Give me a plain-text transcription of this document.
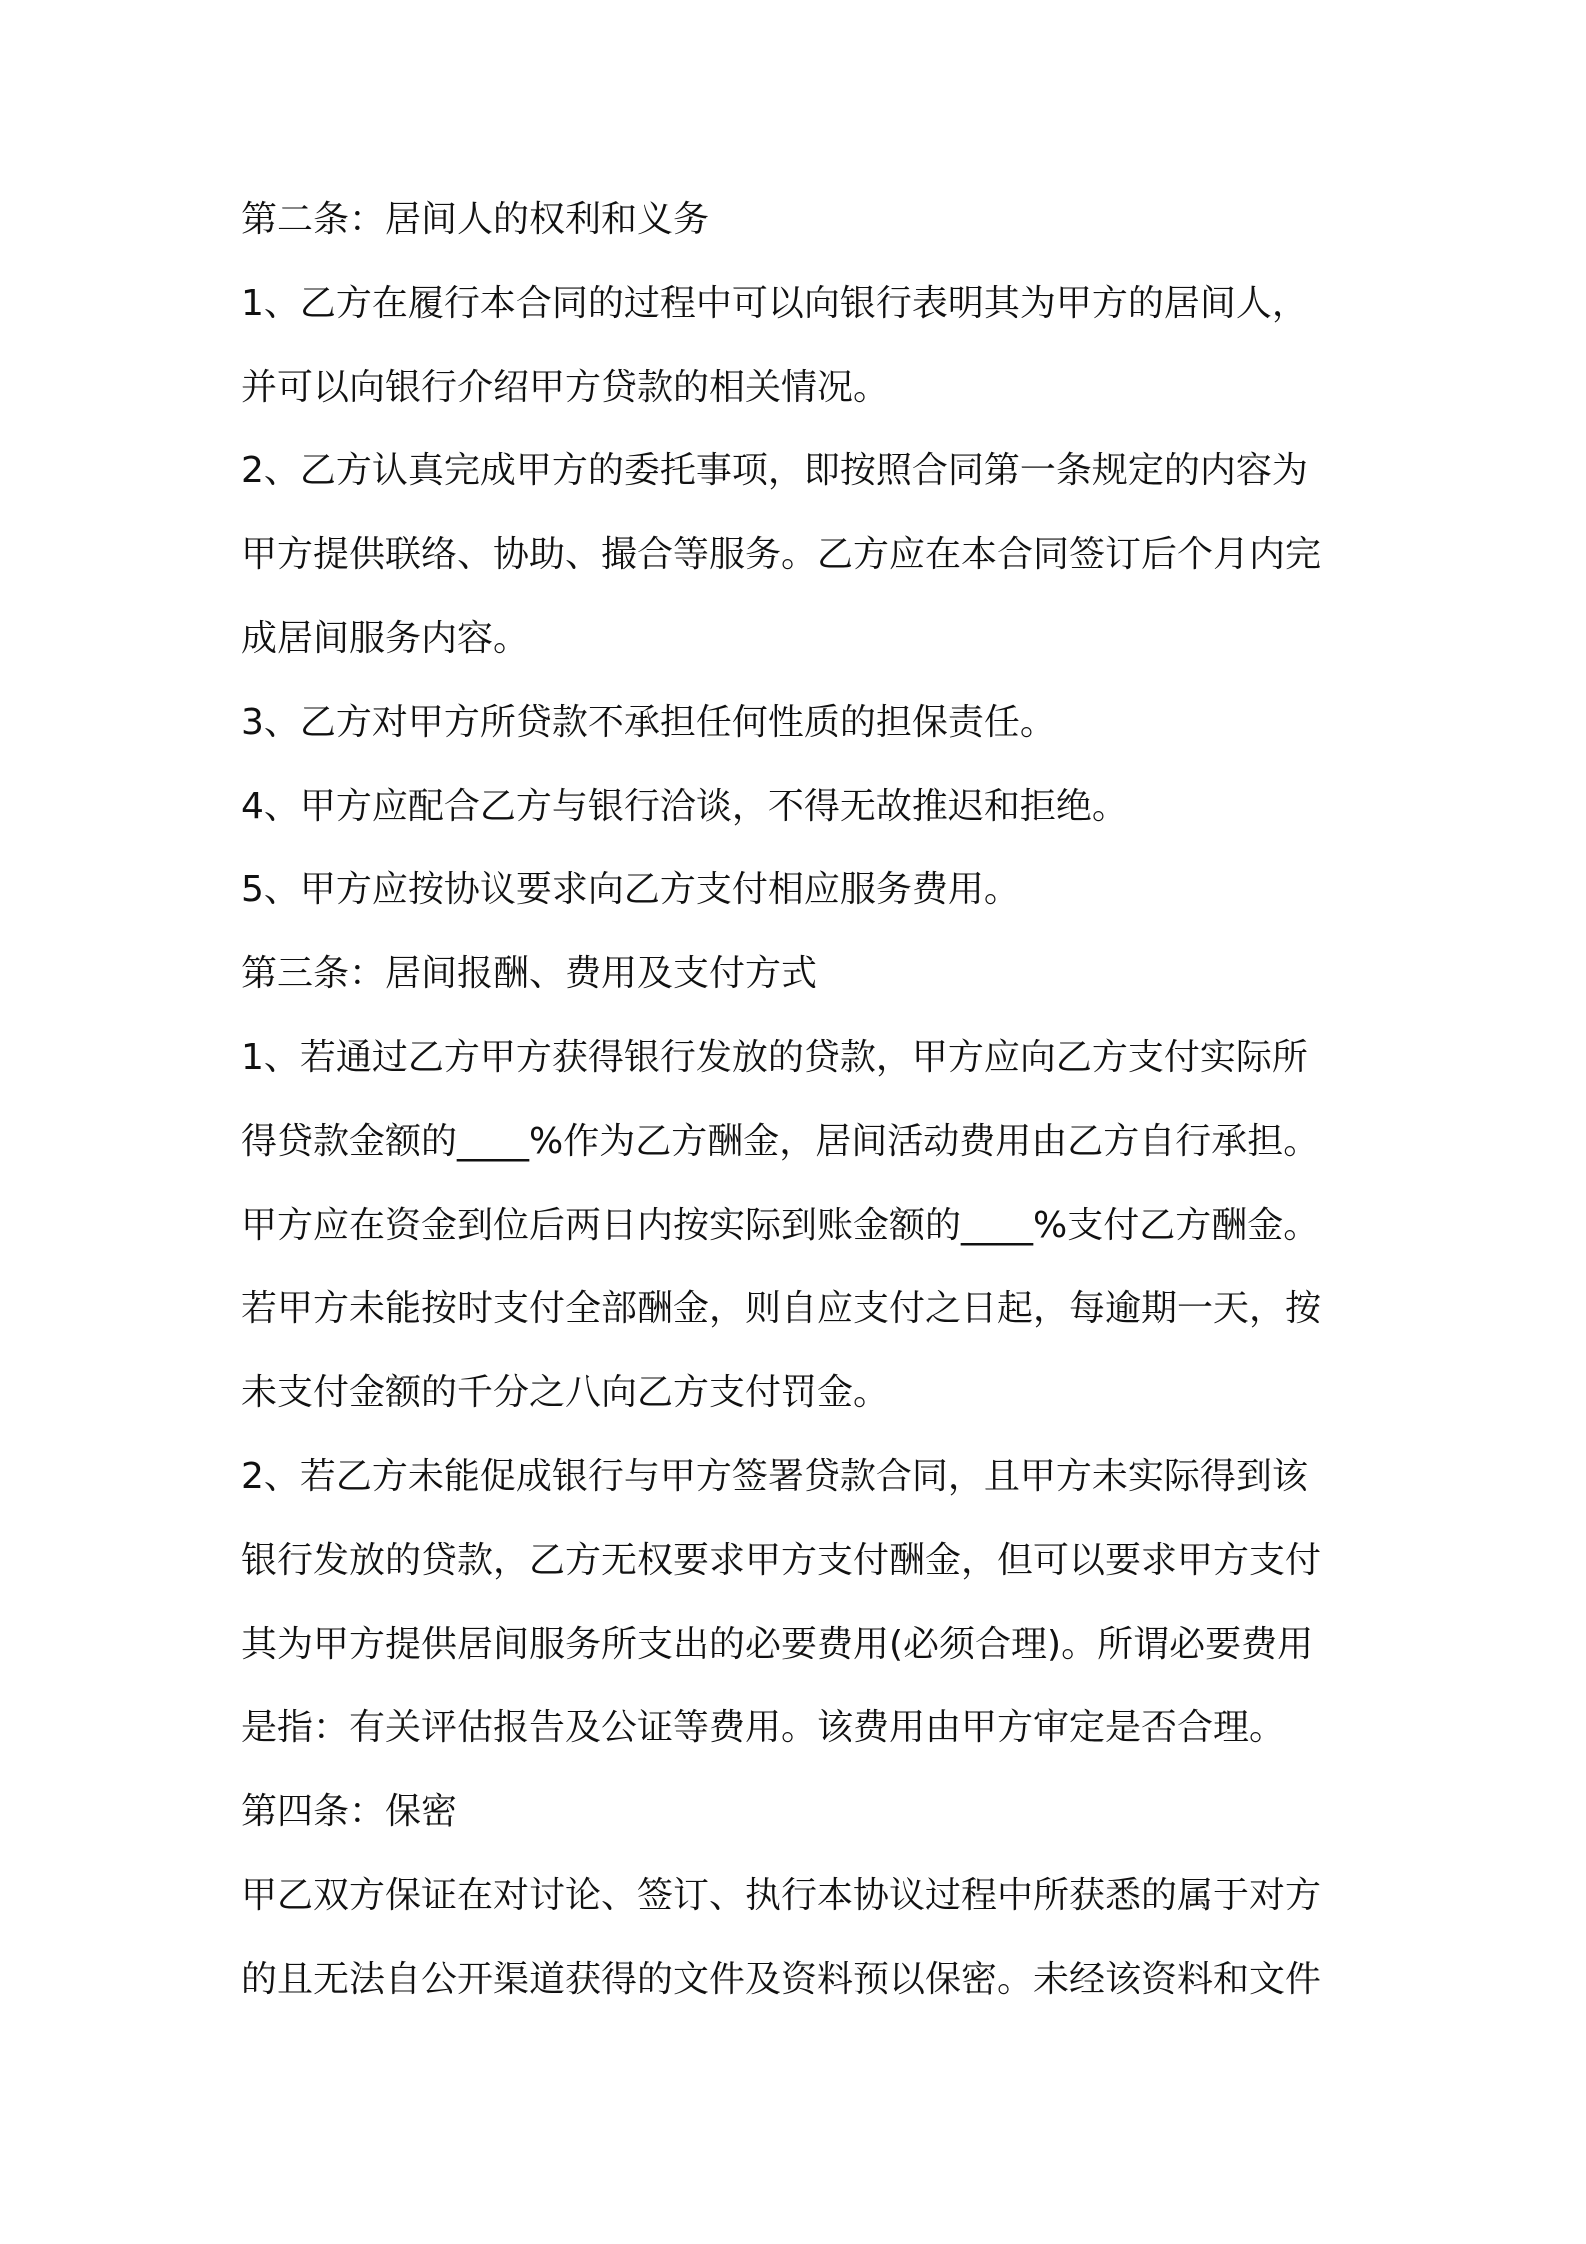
第二条：居间人的权利和义务
1、乙方在履行本合同的过程中可以向银行表明其为甲方的居间人，
并可以向银行介绍甲方贷款的相关情况。
2、乙方认真完成甲方的委托事项，即按照合同第一条规定的内容为
甲方提供联络、协助、撮合等服务。乙方应在本合同签订后个月内完
成居间服务内容。
3、乙方对甲方所贷款不承担任何性质的担保责任。
4、甲方应配合乙方与银行洽谈，不得无故推迟和拒绝。
5、甲方应按协议要求向乙方支付相应服务费用。
第三条：居间报酬、费用及支付方式
1、若通过乙方甲方获得银行发放的贷款，甲方应向乙方支付实际所
得贷款金额的____%作为乙方酬金，居间活动费用由乙方自行承担。
甲方应在资金到位后两日内按实际到账金额的____%支付乙方酬金。
若甲方未能按时支付全部酬金，则自应支付之日起，每逾期一天，按
未支付金额的千分之八向乙方支付罚金。
2、若乙方未能促成银行与甲方签署贷款合同，且甲方未实际得到该
银行发放的贷款，乙方无权要求甲方支付酬金，但可以要求甲方支付
其为甲方提供居间服务所支出的必要费用(必须合理)。所谓必要费用
是指：有关评估报告及公证等费用。该费用由甲方审定是否合理。
第四条：保密
甲乙双方保证在对讨论、签订、执行本协议过程中所获悉的属于对方
的且无法自公开渠道获得的文件及资料预以保密。未经该资料和文件
